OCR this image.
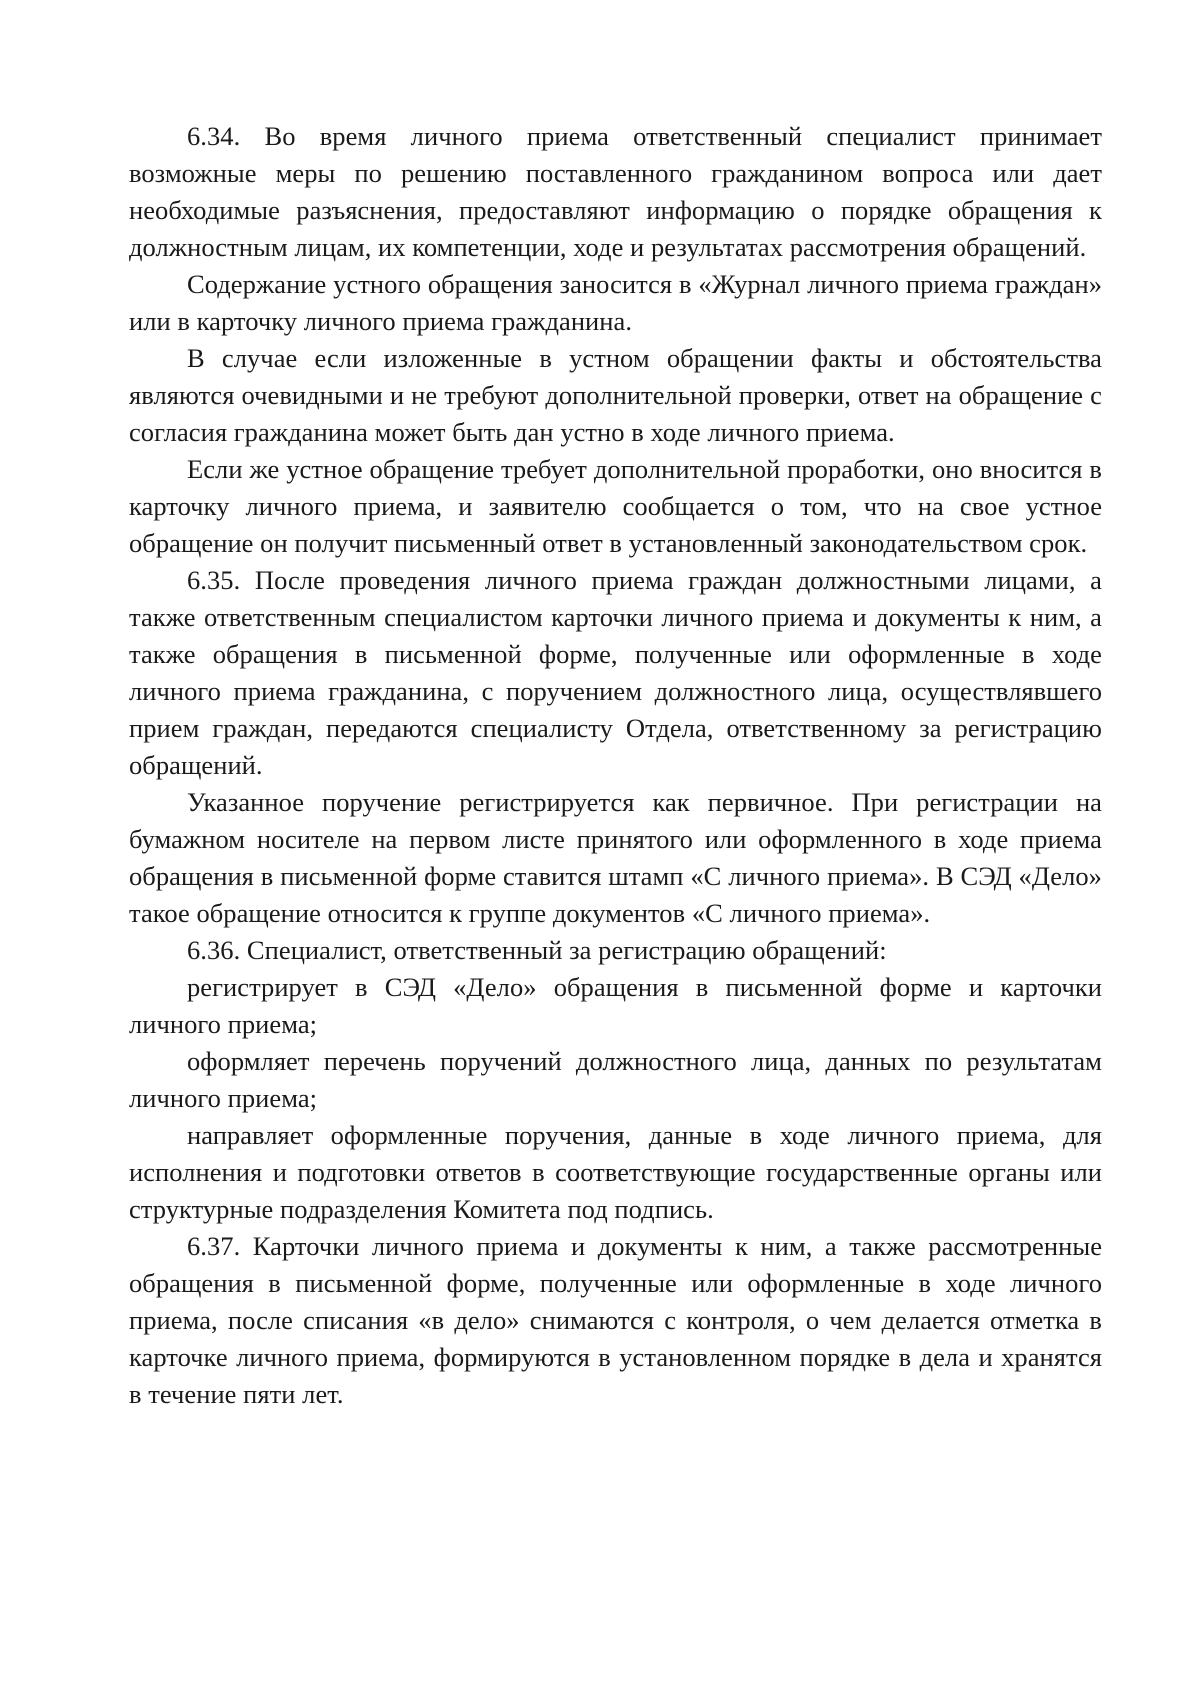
6.34. Во время личного приема ответственный специалист принимает возможные меры по решению поставленного гражданином вопроса или дает необходимые разъяснения, предоставляют информацию о порядке обращения к должностным лицам, их компетенции, ходе и результатах рассмотрения обращений.

Содержание устного обращения заносится в «Журнал личного приема граждан» или в карточку личного приема гражданина.

В случае если изложенные в устном обращении факты и обстоятельства являются очевидными и не требуют дополнительной проверки, ответ на обращение с согласия гражданина может быть дан устно в ходе личного приема.

Если же устное обращение требует дополнительной проработки, оно вносится в карточку личного приема, и заявителю сообщается о том, что на свое устное обращение он получит письменный ответ в установленный законодательством срок.

6.35. После проведения личного приема граждан должностными лицами, а также ответственным специалистом карточки личного приема и документы к ним, а также обращения в письменной форме, полученные или оформленные в ходе личного приема гражданина, с поручением должностного лица, осуществлявшего прием граждан, передаются специалисту Отдела, ответственному за регистрацию обращений.

Указанное поручение регистрируется как первичное. При регистрации на бумажном носителе на первом листе принятого или оформленного в ходе приема обращения в письменной форме ставится штамп «С личного приема». В СЭД «Дело» такое обращение относится к группе документов «С личного приема».

6.36. Специалист, ответственный за регистрацию обращений:

регистрирует в СЭД «Дело» обращения в письменной форме и карточки личного приема;

оформляет перечень поручений должностного лица, данных по результатам личного приема;

направляет оформленные поручения, данные в ходе личного приема, для исполнения и подготовки ответов в соответствующие государственные органы или структурные подразделения Комитета под подпись.

6.37. Карточки личного приема и документы к ним, а также рассмотренные обращения в письменной форме, полученные или оформленные в ходе личного приема, после списания «в дело» снимаются с контроля, о чем делается отметка в карточке личного приема, формируются в установленном порядке в дела и хранятся в течение пяти лет.
